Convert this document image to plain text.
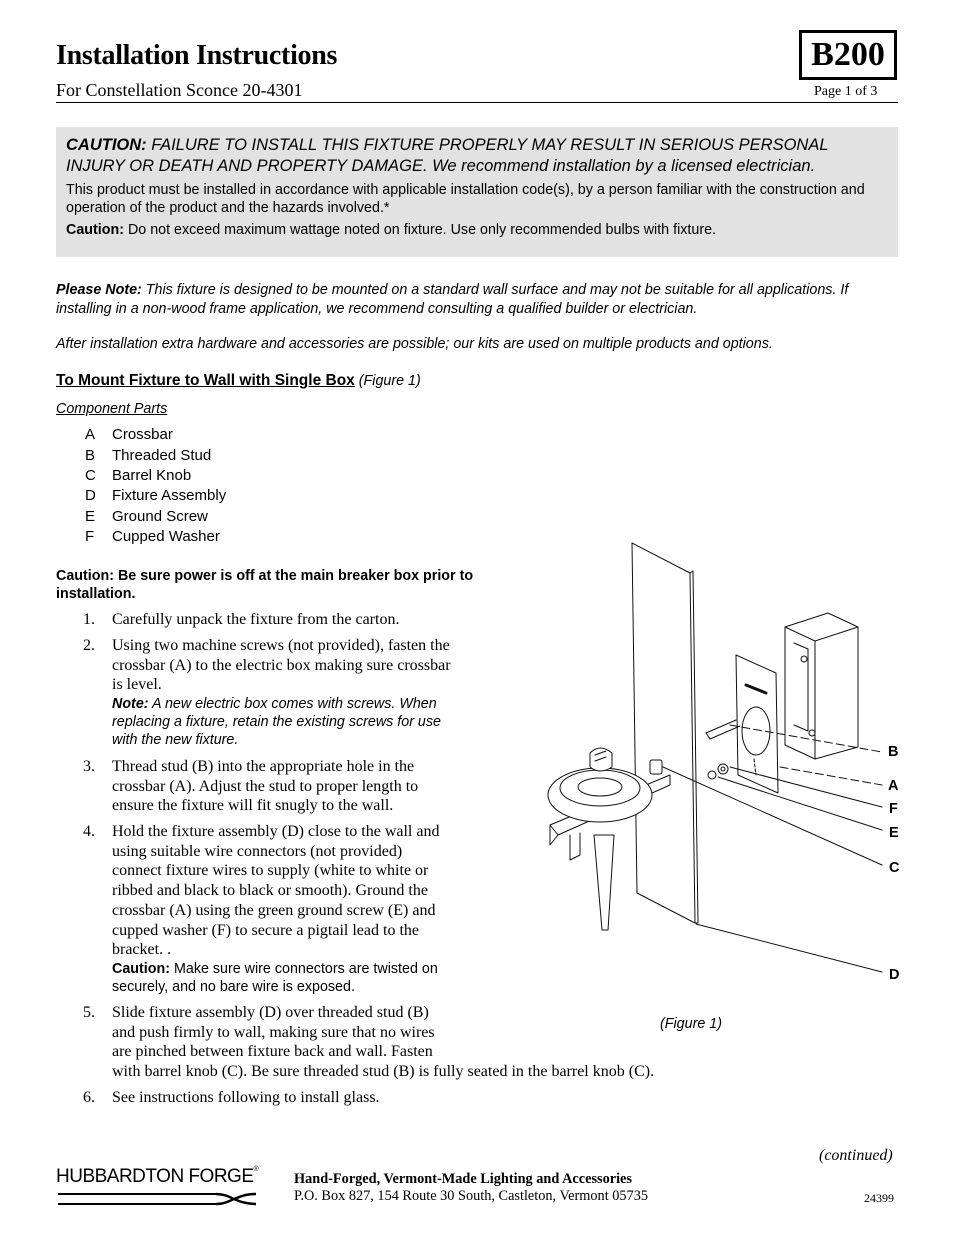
Installation Instructions
For Constellation Sconce 20-4301
B200
Page 1 of 3
CAUTION: FAILURE TO INSTALL THIS FIXTURE PROPERLY MAY RESULT IN SERIOUS PERSONAL INJURY OR DEATH AND PROPERTY DAMAGE. We recommend installation by a licensed electrician.
This product must be installed in accordance with applicable installation code(s), by a person familiar with the construction and operation of the product and the hazards involved.*
Caution: Do not exceed maximum wattage noted on fixture. Use only recommended bulbs with fixture.
Please Note: This fixture is designed to be mounted on a standard wall surface and may not be suitable for all applications. If installing in a non-wood frame application, we recommend consulting a qualified builder or electrician.
After installation extra hardware and accessories are possible; our kits are used on multiple products and options.
To Mount Fixture to Wall with Single Box (Figure 1)
Component Parts
A Crossbar
B Threaded Stud
C Barrel Knob
D Fixture Assembly
E Ground Screw
F Cupped Washer
Caution: Be sure power is off at the main breaker box prior to installation.
1.	Carefully unpack the fixture from the carton.
2.	Using two machine screws (not provided), fasten the
crossbar (A) to the electric box making sure crossbar
is level.
Note: A new electric box comes with screws. When
replacing a fixture, retain the existing screws for use
with the new fixture.
3.	Thread stud (B) into the appropriate hole in the
crossbar (A). Adjust the stud to proper length to
ensure the fixture will fit snugly to the wall.
4.	Hold the fixture assembly (D) close to the wall and
using suitable wire connectors (not provided)
connect fixture wires to supply (white to white or
ribbed and black to black or smooth). Ground the
crossbar (A) using the green ground screw (E) and
cupped washer (F) to secure a pigtail lead to the
bracket. .
Caution: Make sure wire connectors are twisted on
securely, and no bare wire is exposed.
5.	Slide fixture assembly (D) over threaded stud (B)
and push firmly to wall, making sure that no wires
are pinched between fixture back and wall. Fasten
with barrel knob (C). Be sure threaded stud (B) is fully seated in the barrel knob (C).
6.	See instructions following to install glass.
B
A
F
E
C
D
(Figure 1)
(continued)
HUBBARDTON FORGE®
Hand-Forged, Vermont-Made Lighting and Accessories
P.O. Box 827, 154 Route 30 South, Castleton, Vermont 05735	24399
